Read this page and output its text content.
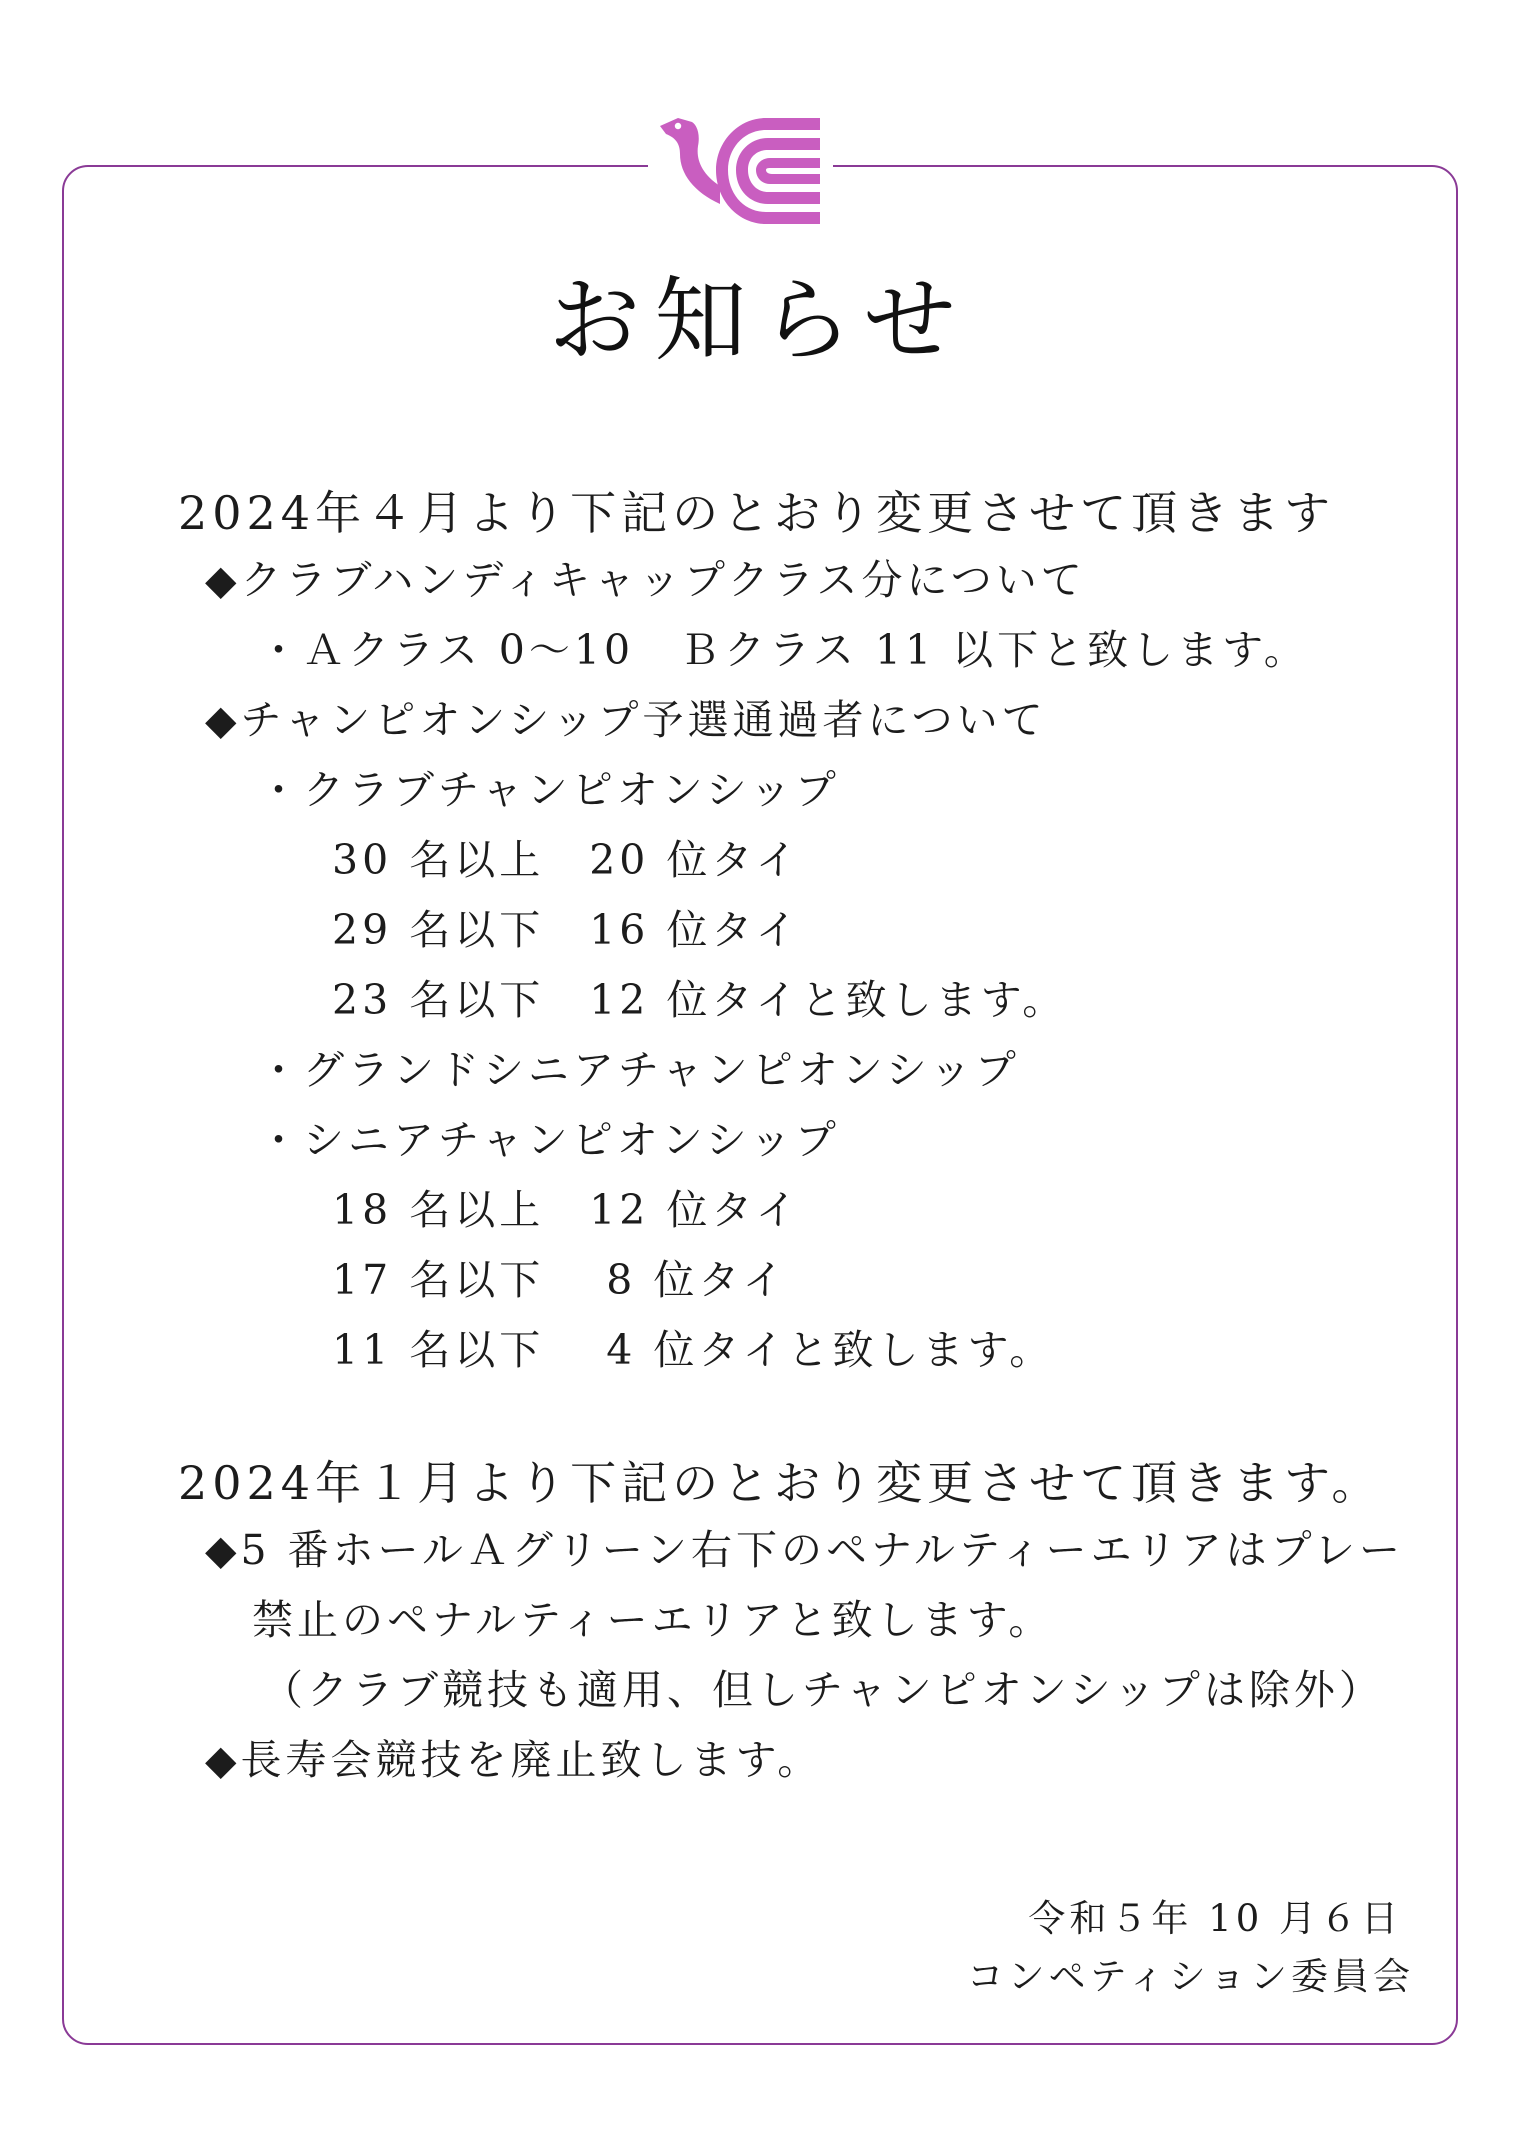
お知らせ
2024年４月より下記のとおり変更させて頂きます
◆クラブハンディキャップクラス分について
・Ａクラス 0～10　Ｂクラス 11 以下と致します。
◆チャンピオンシップ予選通過者について
・クラブチャンピオンシップ
30 名以上　20 位タイ
29 名以下　16 位タイ
23 名以下　12 位タイと致します。
・グランドシニアチャンピオンシップ
・シニアチャンピオンシップ
18 名以上　12 位タイ
17 名以下　 8 位タイ
11 名以下　 4 位タイと致します。
2024年１月より下記のとおり変更させて頂きます。
◆5 番ホールＡグリーン右下のペナルティーエリアはプレー
禁止のペナルティーエリアと致します。
（クラブ競技も適用、但しチャンピオンシップは除外）
◆長寿会競技を廃止致します。
令和５年 10 月６日
コンペティション委員会
